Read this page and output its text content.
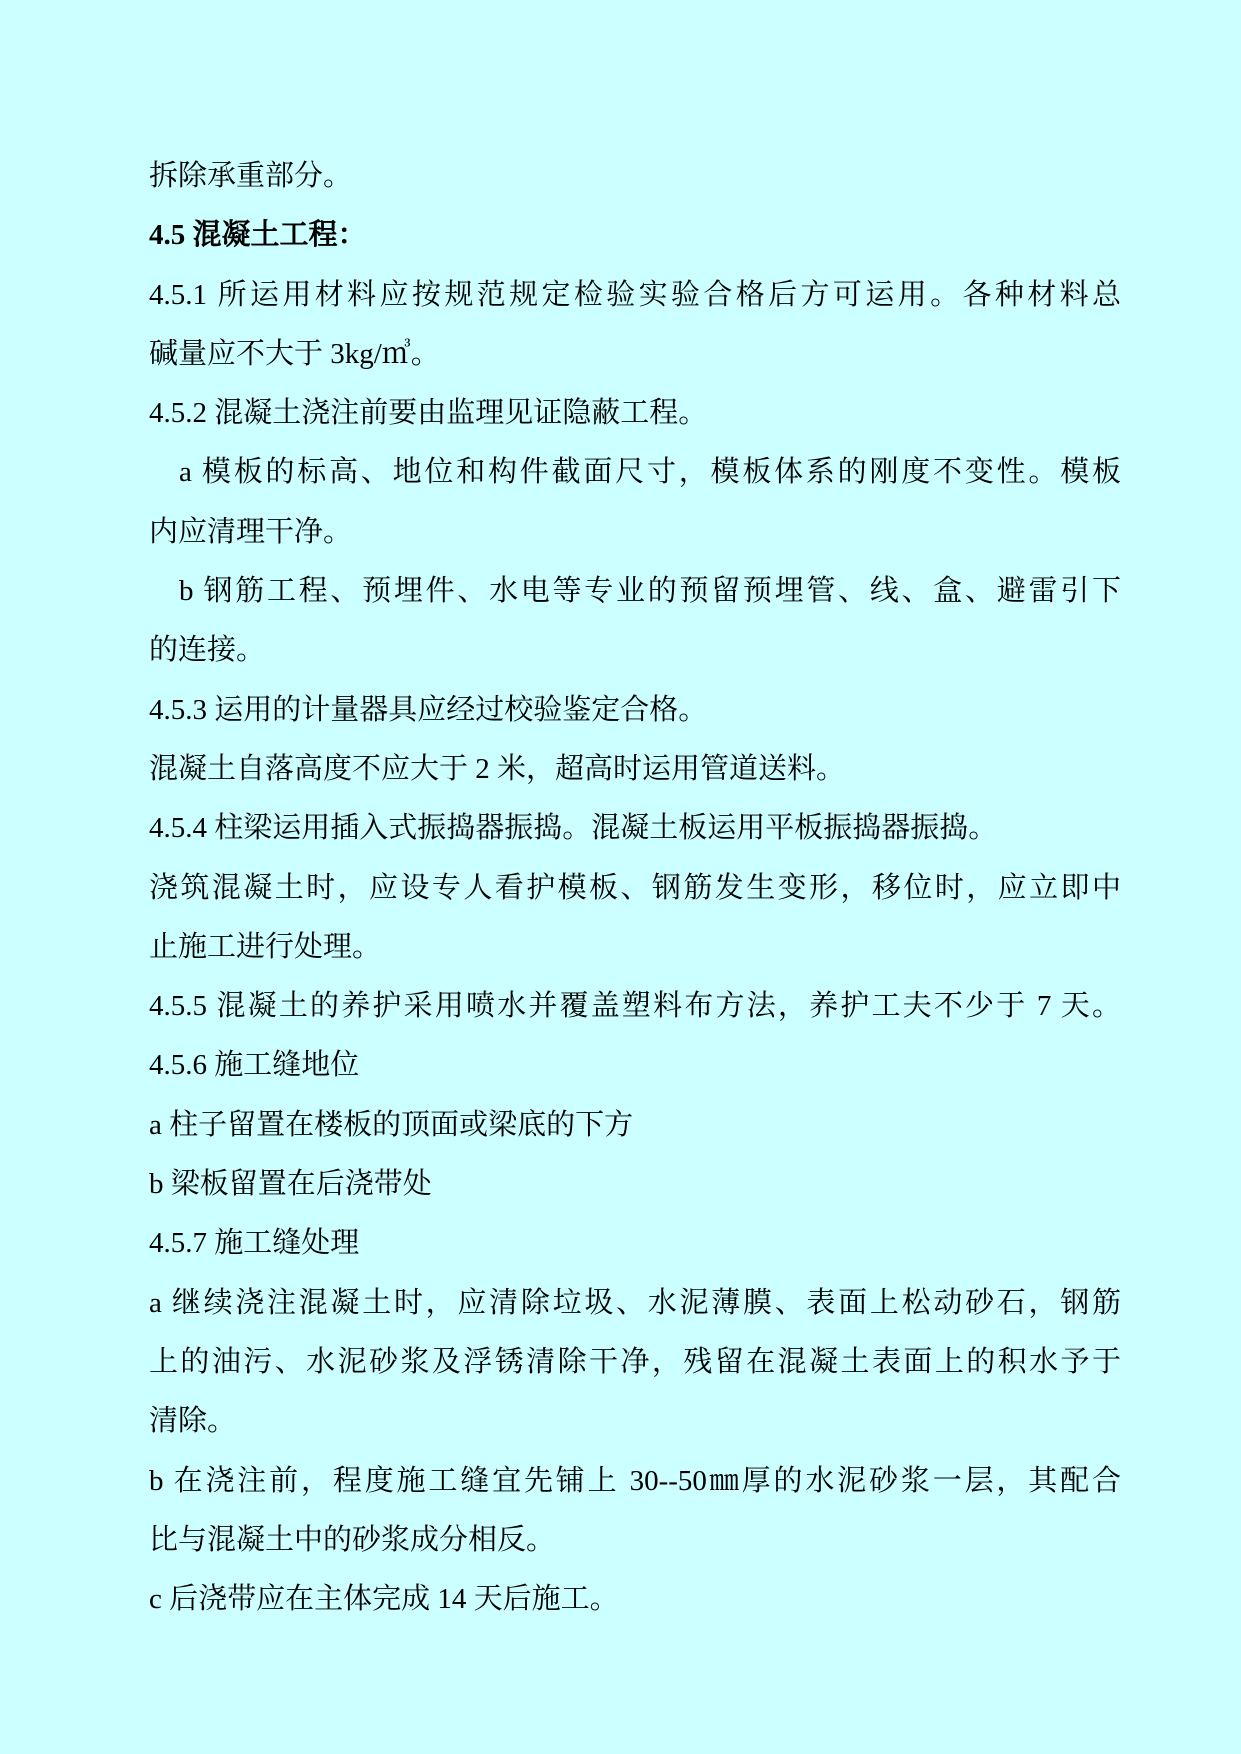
拆除承重部分。
4.5 混凝土工程：
4.5.1 所运用材料应按规范规定检验实验合格后方可运用。各种材料总
碱量应不大于 3kg/㎥。
4.5.2 混凝土浇注前要由监理见证隐蔽工程。
a 模板的标高、地位和构件截面尺寸，模板体系的刚度不变性。模板
内应清理干净。
b 钢筋工程、预埋件、水电等专业的预留预埋管、线、盒、避雷引下
的连接。
4.5.3 运用的计量器具应经过校验鉴定合格。
混凝土自落高度不应大于 2 米，超高时运用管道送料。
4.5.4 柱梁运用插入式振捣器振捣。混凝土板运用平板振捣器振捣。
浇筑混凝土时，应设专人看护模板、钢筋发生变形，移位时，应立即中
止施工进行处理。
4.5.5 混凝土的养护采用喷水并覆盖塑料布方法，养护工夫不少于 7 天。
4.5.6 施工缝地位
a 柱子留置在楼板的顶面或梁底的下方
b 梁板留置在后浇带处
4.5.7 施工缝处理
a 继续浇注混凝土时，应清除垃圾、水泥薄膜、表面上松动砂石，钢筋
上的油污、水泥砂浆及浮锈清除干净，残留在混凝土表面上的积水予于
清除。
b 在浇注前，程度施工缝宜先铺上 30--50㎜厚的水泥砂浆一层，其配合
比与混凝土中的砂浆成分相反。
c 后浇带应在主体完成 14 天后施工。
